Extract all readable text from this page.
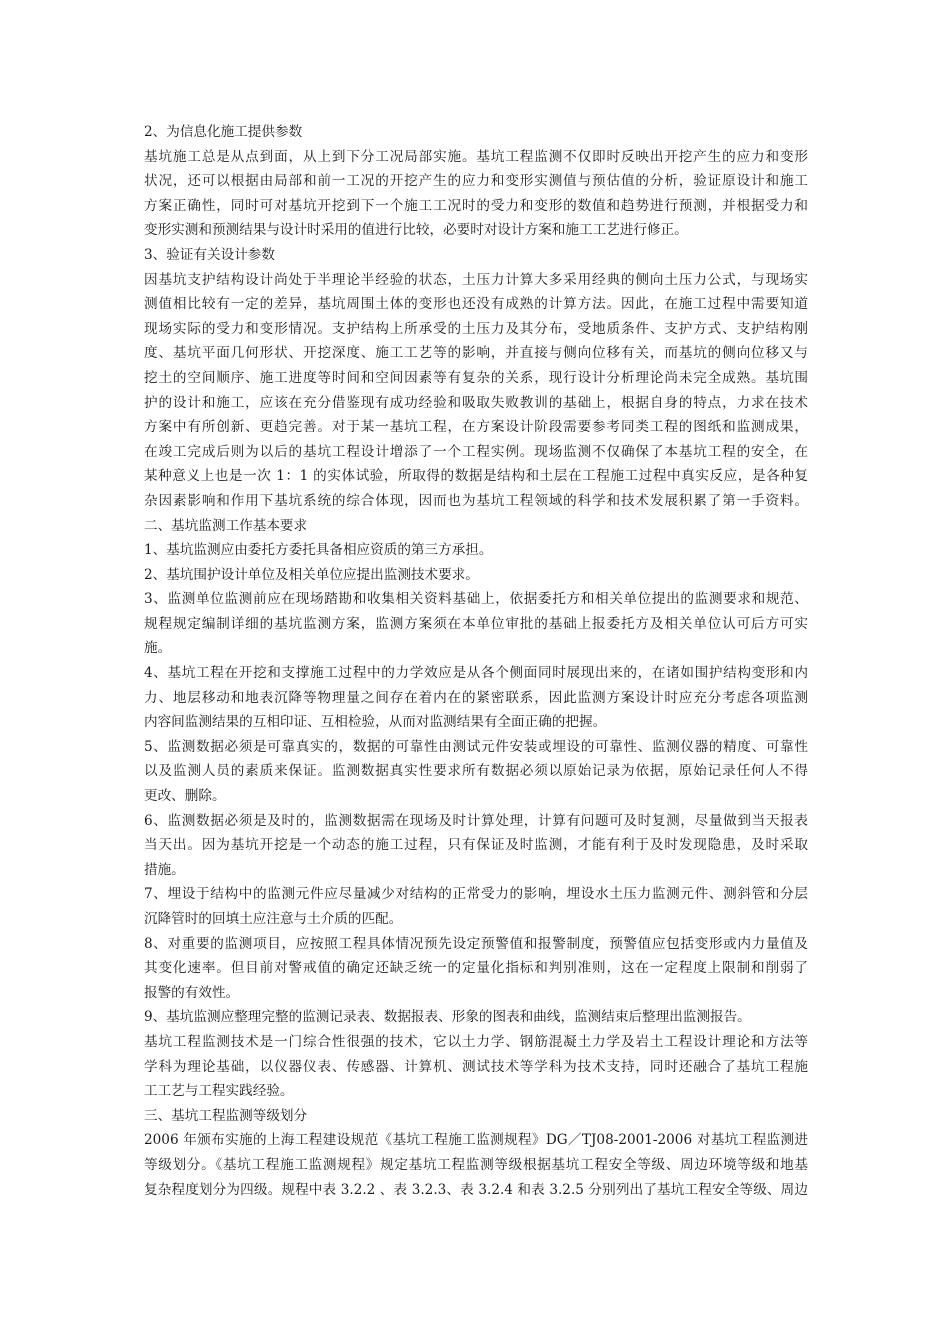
2、为信息化施工提供参数
基坑施工总是从点到面，从上到下分工况局部实施。基坑工程监测不仅即时反映出开挖产生的应力和变形
状况，还可以根据由局部和前一工况的开挖产生的应力和变形实测值与预估值的分析，验证原设计和施工
方案正确性，同时可对基坑开挖到下一个施工工况时的受力和变形的数值和趋势进行预测，并根据受力和
变形实测和预测结果与设计时采用的值进行比较，必要时对设计方案和施工工艺进行修正。
3、验证有关设计参数
因基坑支护结构设计尚处于半理论半经验的状态，土压力计算大多采用经典的侧向土压力公式，与现场实
测值相比较有一定的差异，基坑周围土体的变形也还没有成熟的计算方法。因此，在施工过程中需要知道
现场实际的受力和变形情况。支护结构上所承受的土压力及其分布，受地质条件、支护方式、支护结构刚
度、基坑平面几何形状、开挖深度、施工工艺等的影响，并直接与侧向位移有关，而基坑的侧向位移又与
挖土的空间顺序、施工进度等时间和空间因素等有复杂的关系，现行设计分析理论尚未完全成熟。基坑围
护的设计和施工，应该在充分借鉴现有成功经验和吸取失败教训的基础上，根据自身的特点，力求在技术
方案中有所创新、更趋完善。对于某一基坑工程，在方案设计阶段需要参考同类工程的图纸和监测成果，
在竣工完成后则为以后的基坑工程设计增添了一个工程实例。现场监测不仅确保了本基坑工程的安全，在
某种意义上也是一次 1：1 的实体试验，所取得的数据是结构和土层在工程施工过程中真实反应，是各种复
杂因素影响和作用下基坑系统的综合体现，因而也为基坑工程领域的科学和技术发展积累了第一手资料。
二、基坑监测工作基本要求
1、基坑监测应由委托方委托具备相应资质的第三方承担。
2、基坑围护设计单位及相关单位应提出监测技术要求。
3、监测单位监测前应在现场踏勘和收集相关资料基础上，依据委托方和相关单位提出的监测要求和规范、
规程规定编制详细的基坑监测方案，监测方案须在本单位审批的基础上报委托方及相关单位认可后方可实
施。
4、基坑工程在开挖和支撑施工过程中的力学效应是从各个侧面同时展现出来的，在诸如围护结构变形和内
力、地层移动和地表沉降等物理量之间存在着内在的紧密联系，因此监测方案设计时应充分考虑各项监测
内容间监测结果的互相印证、互相检验，从而对监测结果有全面正确的把握。
5、监测数据必须是可靠真实的，数据的可靠性由测试元件安装或埋设的可靠性、监测仪器的精度、可靠性
以及监测人员的素质来保证。监测数据真实性要求所有数据必须以原始记录为依据，原始记录任何人不得
更改、删除。
6、监测数据必须是及时的，监测数据需在现场及时计算处理，计算有问题可及时复测，尽量做到当天报表
当天出。因为基坑开挖是一个动态的施工过程，只有保证及时监测，才能有利于及时发现隐患，及时采取
措施。
7、埋设于结构中的监测元件应尽量减少对结构的正常受力的影响，埋设水土压力监测元件、测斜管和分层
沉降管时的回填土应注意与土介质的匹配。
8、对重要的监测项目，应按照工程具体情况预先设定预警值和报警制度，预警值应包括变形或内力量值及
其变化速率。但目前对警戒值的确定还缺乏统一的定量化指标和判别准则，这在一定程度上限制和削弱了
报警的有效性。
9、基坑监测应整理完整的监测记录表、数据报表、形象的图表和曲线，监测结束后整理出监测报告。
基坑工程监测技术是一门综合性很强的技术，它以土力学、钢筋混凝土力学及岩土工程设计理论和方法等
学科为理论基础，以仪器仪表、传感器、计算机、测试技术等学科为技术支持，同时还融合了基坑工程施
工工艺与工程实践经验。
三、基坑工程监测等级划分
2006 年颁布实施的上海工程建设规范《基坑工程施工监测规程》DG／TJ08-2001-2006 对基坑工程监测进
等级划分。《基坑工程施工监测规程》规定基坑工程监测等级根据基坑工程安全等级、周边环境等级和地基
复杂程度划分为四级。规程中表 3.2.2 、表 3.2.3、表 3.2.4 和表 3.2.5 分别列出了基坑工程安全等级、周边
